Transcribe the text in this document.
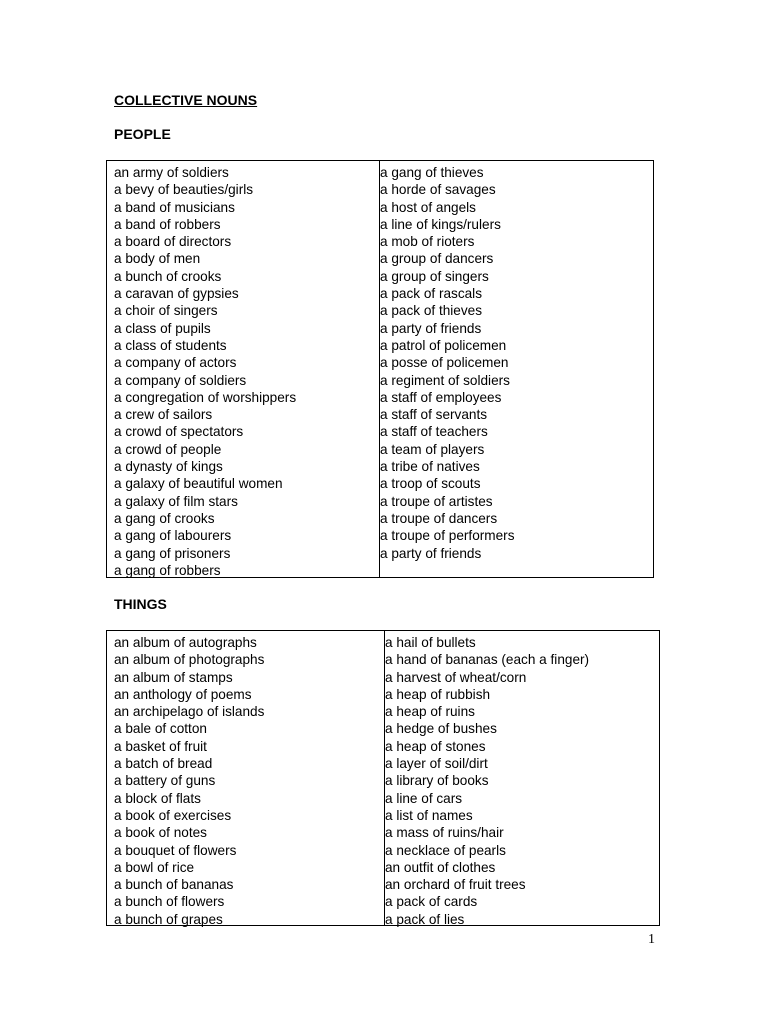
COLLECTIVE NOUNS
PEOPLE
an army of soldiers
a bevy of beauties/girls
a band of musicians
a band of robbers
a board of directors
a body of men
a bunch of crooks
a caravan of gypsies
a choir of singers
a class of pupils
a class of students
a company of actors
a company of soldiers
a congregation of worshippers
a crew of sailors
a crowd of spectators
a crowd of people
a dynasty of kings
a galaxy of beautiful women
a galaxy of film stars
a gang of crooks
a gang of labourers
a gang of prisoners
a gang of robbers
a gang of thieves
a horde of savages
a host of angels
a line of kings/rulers
a mob of rioters
a group of dancers
a group of singers
a pack of rascals
a pack of thieves
a party of friends
a patrol of policemen
a posse of policemen
a regiment of soldiers
a staff of employees
a staff of servants
a staff of teachers
a team of players
a tribe of natives
a troop of scouts
a troupe of artistes
a troupe of dancers
a troupe of performers
a party of friends
THINGS
an album of autographs
an album of photographs
an album of stamps
an anthology of poems
an archipelago of islands
a bale of cotton
a basket of fruit
a batch of bread
a battery of guns
a block of flats
a book of exercises
a book of notes
a bouquet of flowers
a bowl of rice
a bunch of bananas
a bunch of flowers
a bunch of grapes
a hail of bullets
a hand of bananas (each a finger)
a harvest of wheat/corn
a heap of rubbish
a heap of ruins
a hedge of bushes
a heap of stones
a layer of soil/dirt
a library of books
a line of cars
a list of names
a mass of ruins/hair
a necklace of pearls
an outfit of clothes
an orchard of fruit trees
a pack of cards
a pack of lies
1
